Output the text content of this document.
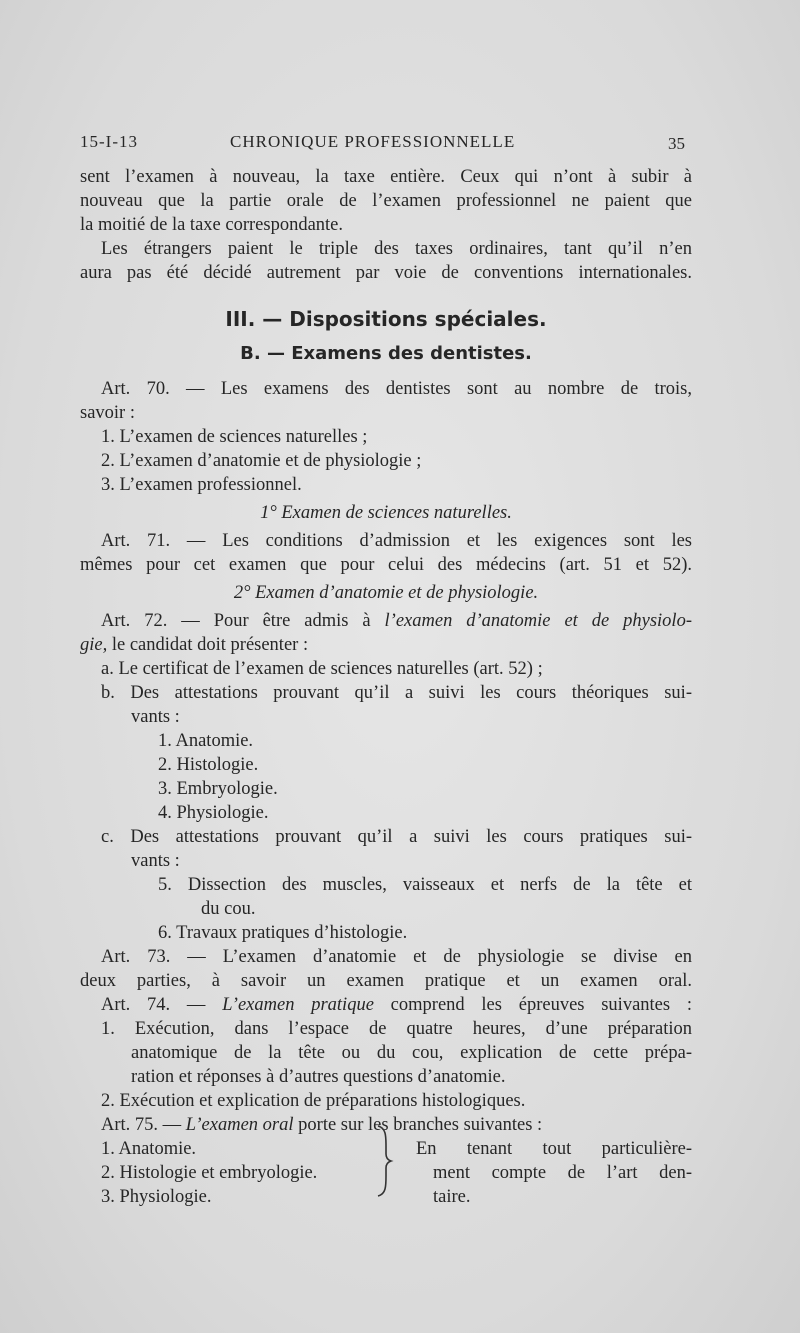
15-I-13	CHRONIQUE PROFESSIONNELLE	35
sent l’examen à nouveau, la taxe entière. Ceux qui n’ont à subir à
nouveau que la partie orale de l’examen professionnel ne paient que
la moitié de la taxe correspondante.
Les étrangers paient le triple des taxes ordinaires, tant qu’il n’en
aura pas été décidé autrement par voie de conventions internationales.
III. — Dispositions spéciales.
B. — Examens des dentistes.
Art. 70. — Les examens des dentistes sont au nombre de trois,
savoir :
1. L’examen de sciences naturelles ;
2. L’examen d’anatomie et de physiologie ;
3. L’examen professionnel.
1° Examen de sciences naturelles.
Art. 71. — Les conditions d’admission et les exigences sont les
mêmes pour cet examen que pour celui des médecins (art. 51 et 52).
2° Examen d’anatomie et de physiologie.
Art. 72. — Pour être admis à l’examen d’anatomie et de physiolo-
gie, le candidat doit présenter :
a. Le certificat de l’examen de sciences naturelles (art. 52) ;
b. Des attestations prouvant qu’il a suivi les cours théoriques sui-
vants :
1. Anatomie.
2. Histologie.
3. Embryologie.
4. Physiologie.
c. Des attestations prouvant qu’il a suivi les cours pratiques sui-
vants :
5. Dissection des muscles, vaisseaux et nerfs de la tête et
du cou.
6. Travaux pratiques d’histologie.
Art. 73. — L’examen d’anatomie et de physiologie se divise en
deux parties, à savoir un examen pratique et un examen oral.
Art. 74. — L’examen pratique comprend les épreuves suivantes :
1. Exécution, dans l’espace de quatre heures, d’une préparation
anatomique de la tête ou du cou, explication de cette prépa-
ration et réponses à d’autres questions d’anatomie.
2. Exécution et explication de préparations histologiques.
Art. 75. — L’examen oral porte sur les branches suivantes :
1. Anatomie.
2. Histologie et embryologie.
3. Physiologie.
En tenant tout particulière-
ment compte de l’art den-
taire.
